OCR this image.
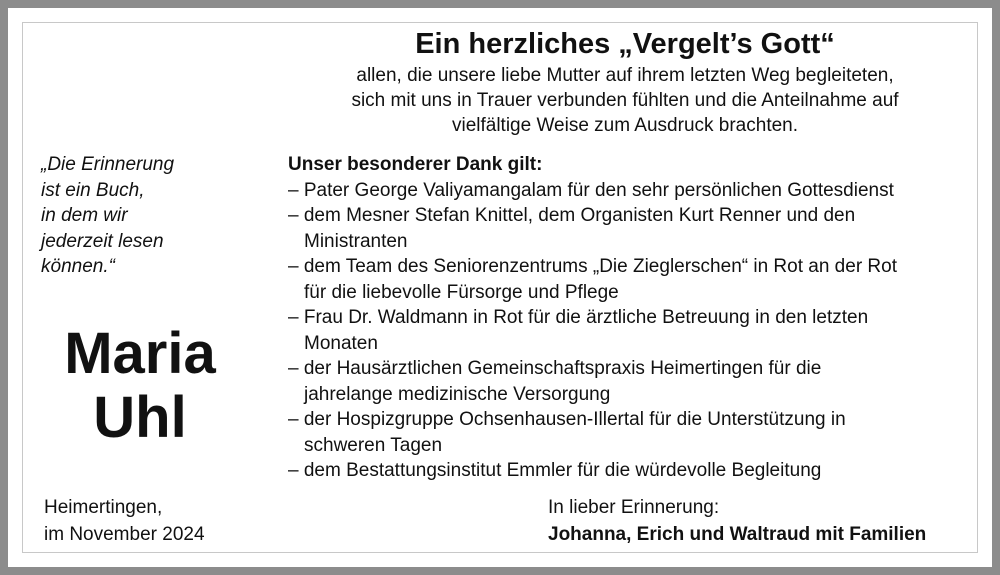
Ein herzliches „Vergelt’s Gott“
allen, die unsere liebe Mutter auf ihrem letzten Weg begleiteten,
sich mit uns in Trauer verbunden fühlten und die Anteilnahme auf
vielfältige Weise zum Ausdruck brachten.
„Die Erinnerung
ist ein Buch,
in dem wir
jederzeit lesen
können.“
Maria
Uhl
Unser besonderer Dank gilt:
– Pater George Valiyamangalam für den sehr persönlichen Gottesdienst
– dem Mesner Stefan Knittel, dem Organisten Kurt Renner und den
Ministranten
– dem Team des Seniorenzentrums „Die Zieglerschen“ in Rot an der Rot
für die liebevolle Fürsorge und Pflege
– Frau Dr. Waldmann in Rot für die ärztliche Betreuung in den letzten
Monaten
– der Hausärztlichen Gemeinschaftspraxis Heimertingen für die
jahrelange medizinische Versorgung
– der Hospizgruppe Ochsenhausen-Illertal für die Unterstützung in
schweren Tagen
– dem Bestattungsinstitut Emmler für die würdevolle Begleitung
Heimertingen,
im November 2024
In lieber Erinnerung:
Johanna, Erich und Waltraud mit Familien
